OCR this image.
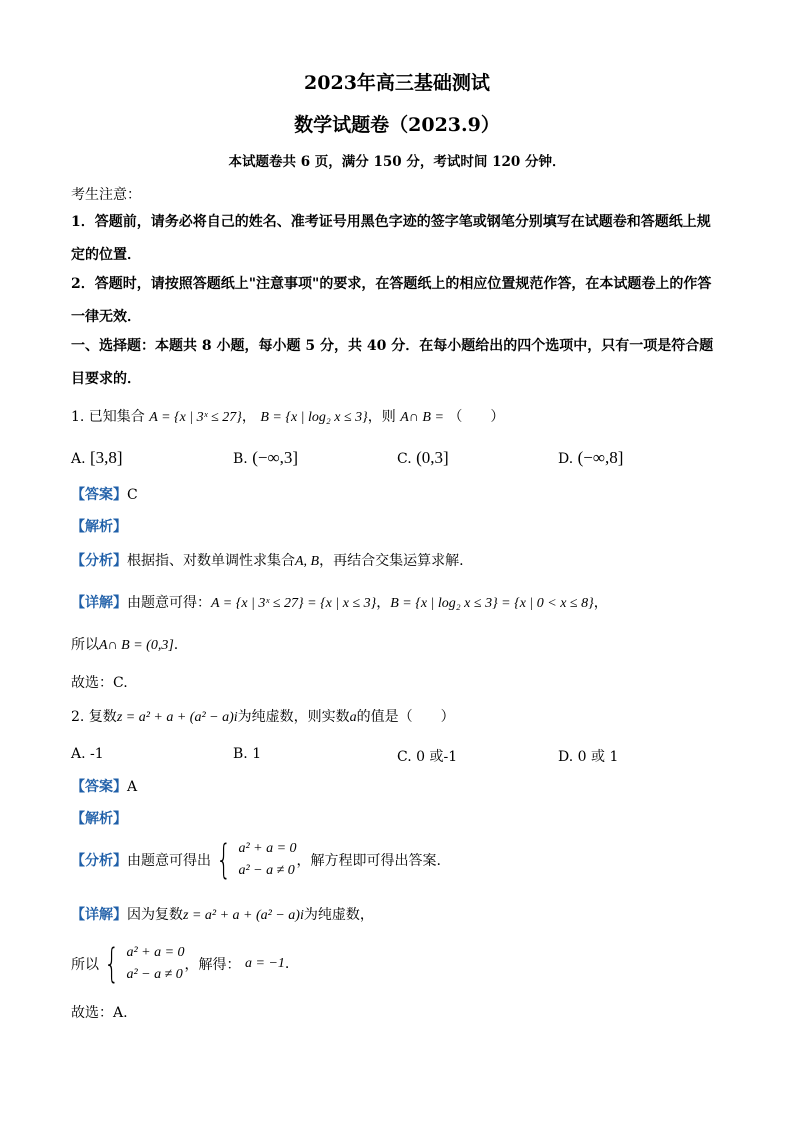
2023年高三基础测试
数学试题卷（2023.9）
本试题卷共 6 页，满分 150 分，考试时间 120 分钟．
考生注意：
1．答题前，请务必将自己的姓名、准考证号用黑色字迹的签字笔或钢笔分别填写在试题卷和答题纸上规定的位置．
2．答题时，请按照答题纸上"注意事项"的要求，在答题纸上的相应位置规范作答，在本试题卷上的作答一律无效．
一、选择题：本题共 8 小题，每小题 5 分，共 40 分．在每小题给出的四个选项中，只有一项是符合题目要求的．
1. 已知集合 A = {x | 3ˣ ≤ 27}， B = {x | log₂ x ≤ 3}，则 A∩ B = （　　）
A. [3,8]	B. (−∞,3]	C. (0,3]	D. (−∞,8]
【答案】C
【解析】
【分析】根据指、对数单调性求集合A, B，再结合交集运算求解.
【详解】由题意可得：A = {x | 3ˣ ≤ 27} = {x | x ≤ 3}，B = {x | log₂ x ≤ 3} = {x | 0 < x ≤ 8}，
所以A∩ B = (0,3].
故选：C.
2. 复数z = a² + a + (a² − a)i为纯虚数，则实数a的值是（　　）
A. -1	B. 1	C. 0 或-1	D. 0 或 1
【答案】A
【解析】
【分析】 由题意可得出 { a² + a = 0
a² − a ≠ 0
，解方程即可得出答案.
【详解】因为复数z = a² + a + (a² − a)i为纯虚数，
所以 { a² + a = 0
a² − a ≠ 0
，解得：
a = −1 .
故选：A.
